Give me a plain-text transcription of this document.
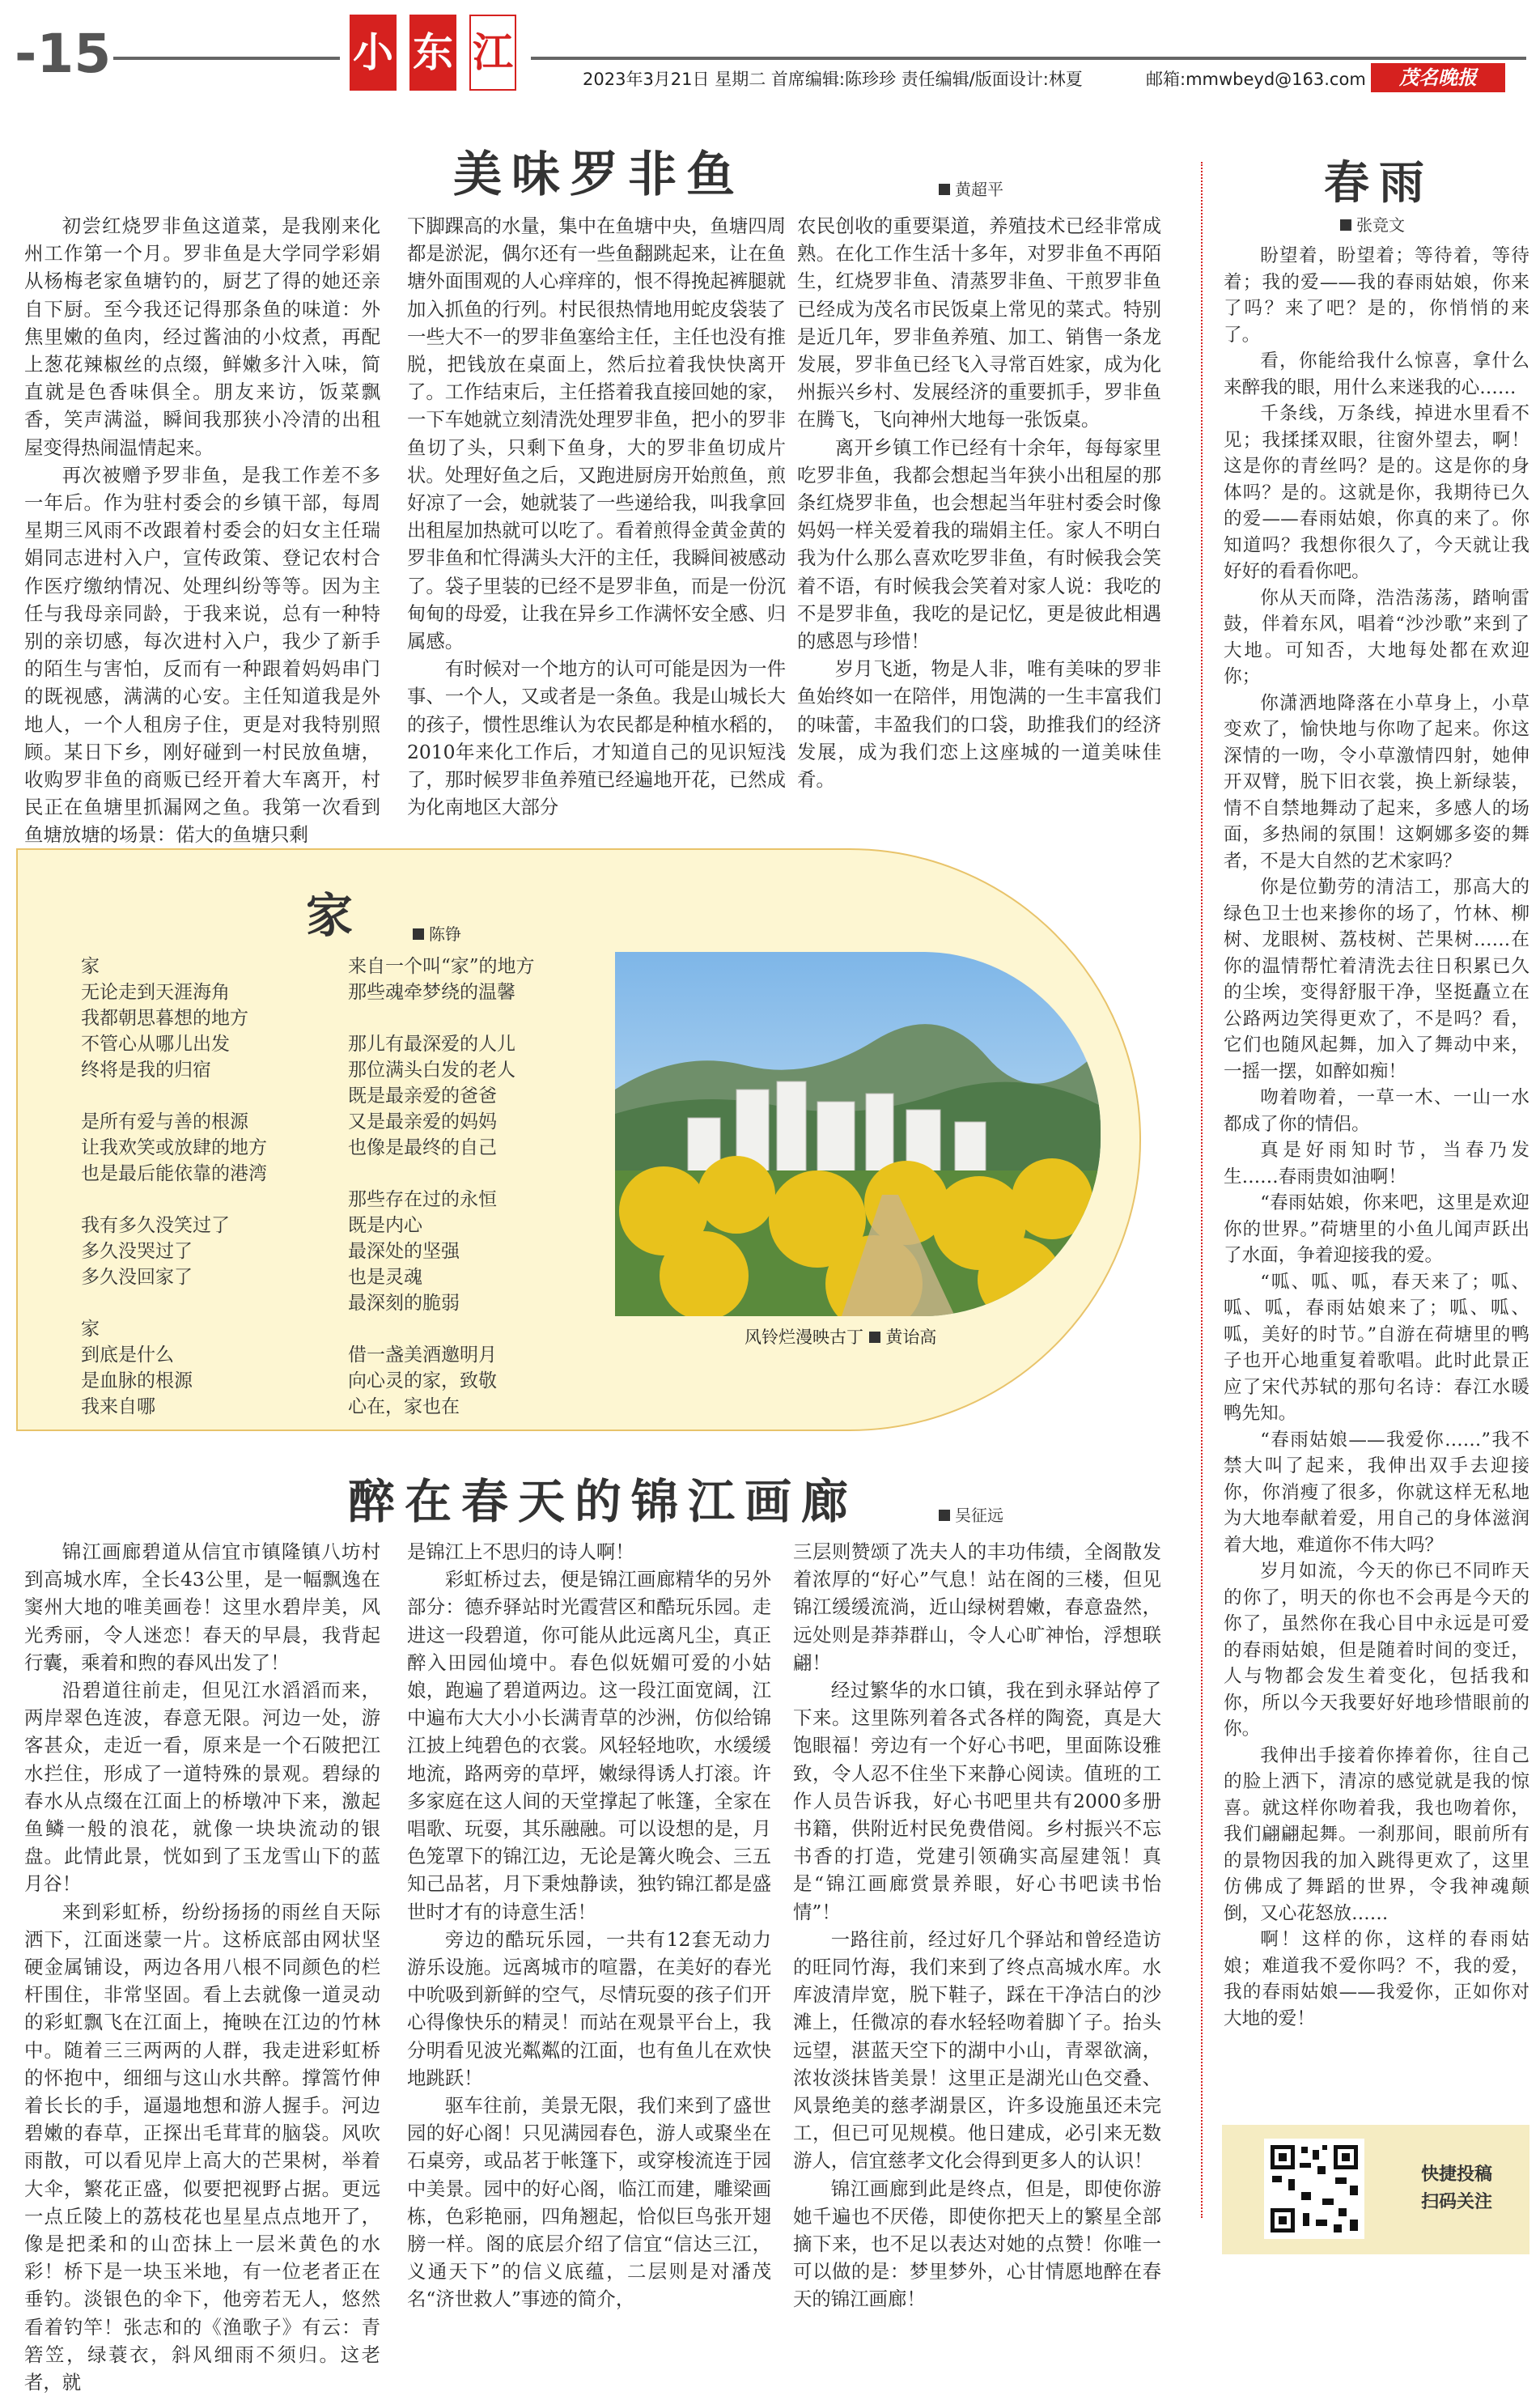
-15	小 东 江
2023年3月21日 星期二 首席编辑:陈珍珍 责任编辑/版面设计:林夏	邮箱:mmwbeyd@163.com	茂名晚报
美味罗非鱼	黄超平

初尝红烧罗非鱼这道菜，是我刚来化州工作第一个月。罗非鱼是大学同学彩娟从杨梅老家鱼塘钓的，厨艺了得的她还亲自下厨。至今我还记得那条鱼的味道：外焦里嫩的鱼肉，经过酱油的小炆煮，再配上葱花辣椒丝的点缀，鲜嫩多汁入味，简直就是色香味俱全。朋友来访，饭菜飘香，笑声满溢，瞬间我那狭小冷清的出租屋变得热闹温情起来。

再次被赠予罗非鱼，是我工作差不多一年后。作为驻村委会的乡镇干部，每周星期三风雨不改跟着村委会的妇女主任瑞娟同志进村入户，宣传政策、登记农村合作医疗缴纳情况、处理纠纷等等。因为主任与我母亲同龄，于我来说，总有一种特别的亲切感，每次进村入户，我少了新手的陌生与害怕，反而有一种跟着妈妈串门的既视感，满满的心安。主任知道我是外地人，一个人租房子住，更是对我特别照顾。某日下乡，刚好碰到一村民放鱼塘，收购罗非鱼的商贩已经开着大车离开，村民正在鱼塘里抓漏网之鱼。我第一次看到鱼塘放塘的场景：偌大的鱼塘只剩

下脚踝高的水量，集中在鱼塘中央，鱼塘四周都是淤泥，偶尔还有一些鱼翻跳起来，让在鱼塘外面围观的人心痒痒的，恨不得挽起裤腿就加入抓鱼的行列。村民很热情地用蛇皮袋装了一些大不一的罗非鱼塞给主任，主任也没有推脱，把钱放在桌面上，然后拉着我快快离开了。工作结束后，主任搭着我直接回她的家，一下车她就立刻清洗处理罗非鱼，把小的罗非鱼切了头，只剩下鱼身，大的罗非鱼切成片状。处理好鱼之后，又跑进厨房开始煎鱼，煎好凉了一会，她就装了一些递给我，叫我拿回出租屋加热就可以吃了。看着煎得金黄金黄的罗非鱼和忙得满头大汗的主任，我瞬间被感动了。袋子里装的已经不是罗非鱼，而是一份沉甸甸的母爱，让我在异乡工作满怀安全感、归属感。

有时候对一个地方的认可可能是因为一件事、一个人，又或者是一条鱼。我是山城长大的孩子，惯性思维认为农民都是种植水稻的，2010年来化工作后，才知道自己的见识短浅了，那时候罗非鱼养殖已经遍地开花，已然成为化南地区大部分

农民创收的重要渠道，养殖技术已经非常成熟。在化工作生活十多年，对罗非鱼不再陌生，红烧罗非鱼、清蒸罗非鱼、干煎罗非鱼已经成为茂名市民饭桌上常见的菜式。特别是近几年，罗非鱼养殖、加工、销售一条龙发展，罗非鱼已经飞入寻常百姓家，成为化州振兴乡村、发展经济的重要抓手，罗非鱼在腾飞，飞向神州大地每一张饭桌。

离开乡镇工作已经有十余年，每每家里吃罗非鱼，我都会想起当年狭小出租屋的那条红烧罗非鱼，也会想起当年驻村委会时像妈妈一样关爱着我的瑞娟主任。家人不明白我为什么那么喜欢吃罗非鱼，有时候我会笑着不语，有时候我会笑着对家人说：我吃的不是罗非鱼，我吃的是记忆，更是彼此相遇的感恩与珍惜！

岁月飞逝，物是人非，唯有美味的罗非鱼始终如一在陪伴，用饱满的一生丰富我们的味蕾，丰盈我们的口袋，助推我们的经济发展，成为我们恋上这座城的一道美味佳肴。

家	陈铮
家
无论走到天涯海角
我都朝思暮想的地方
不管心从哪儿出发
终将是我的归宿
是所有爱与善的根源
让我欢笑或放肆的地方
也是最后能依靠的港湾
我有多久没笑过了
多久没哭过了
多久没回家了
家
到底是什么
是血脉的根源
我来自哪
来自一个叫“家”的地方
那些魂牵梦绕的温馨
那儿有最深爱的人儿
那位满头白发的老人
既是最亲爱的爸爸
又是最亲爱的妈妈
也像是最终的自己
那些存在过的永恒
既是内心
最深处的坚强
也是灵魂
最深刻的脆弱
借一盏美酒邀明月
向心灵的家，致敬
心在，家也在
风铃烂漫映古丁 黄诒高
醉在春天的锦江画廊	吴征远

锦江画廊碧道从信宜市镇隆镇八坊村到高城水库，全长43公里，是一幅飘逸在窦州大地的唯美画卷！这里水碧岸美，风光秀丽，令人迷恋！春天的早晨，我背起行囊，乘着和煦的春风出发了！

沿碧道往前走，但见江水滔滔而来，两岸翠色连波，春意无限。河边一处，游客甚众，走近一看，原来是一个石陂把江水拦住，形成了一道特殊的景观。碧绿的春水从点缀在江面上的桥墩冲下来，激起鱼鳞一般的浪花，就像一块块流动的银盘。此情此景，恍如到了玉龙雪山下的蓝月谷！

来到彩虹桥，纷纷扬扬的雨丝自天际洒下，江面迷蒙一片。这桥底部由网状坚硬金属铺设，两边各用八根不同颜色的栏杆围住，非常坚固。看上去就像一道灵动的彩虹飘飞在江面上，掩映在江边的竹林中。随着三三两两的人群，我走进彩虹桥的怀抱中，细细与这山水共醉。撑篙竹伸着长长的手，逼遢地想和游人握手。河边碧嫩的春草，正探出毛茸茸的脑袋。风吹雨散，可以看见岸上高大的芒果树，举着大伞，繁花正盛，似要把视野占据。更远一点丘陵上的荔枝花也星星点点地开了，像是把柔和的山峦抹上一层米黄色的水彩！桥下是一块玉米地，有一位老者正在垂钓。淡银色的伞下，他旁若无人，悠然看着钓竿！张志和的《渔歌子》有云：青箬笠，绿蓑衣，斜风细雨不须归。这老者，就

是锦江上不思归的诗人啊！

彩虹桥过去，便是锦江画廊精华的另外部分：德乔驿站时光霞营区和酷玩乐园。走进这一段碧道，你可能从此远离凡尘，真正醉入田园仙境中。春色似妩媚可爱的小姑娘，跑遍了碧道两边。这一段江面宽阔，江中遍布大大小小长满青草的沙洲，仿似给锦江披上纯碧色的衣裳。风轻轻地吹，水缓缓地流，路两旁的草坪，嫩绿得诱人打滚。许多家庭在这人间的天堂撑起了帐篷，全家在唱歌、玩耍，其乐融融。可以设想的是，月色笼罩下的锦江边，无论是篝火晚会、三五知己品茗，月下秉烛静读，独钓锦江都是盛世时才有的诗意生活！

旁边的酷玩乐园，一共有12套无动力游乐设施。远离城市的喧嚣，在美好的春光中吮吸到新鲜的空气，尽情玩耍的孩子们开心得像快乐的精灵！而站在观景平台上，我分明看见波光粼粼的江面，也有鱼儿在欢快地跳跃！

驱车往前，美景无限，我们来到了盛世园的好心阁！只见满园春色，游人或聚坐在石桌旁，或品茗于帐篷下，或穿梭流连于园中美景。园中的好心阁，临江而建，雕梁画栋，色彩艳丽，四角翘起，恰似巨鸟张开翅膀一样。阁的底层介绍了信宜“信达三江，义通天下”的信义底蕴，二层则是对潘茂名“济世救人”事迹的简介，

三层则赞颂了冼夫人的丰功伟绩，全阁散发着浓厚的“好心”气息！站在阁的三楼，但见锦江缓缓流淌，近山绿树碧嫩，春意盎然，远处则是莽莽群山，令人心旷神怡，浮想联翩！

经过繁华的水口镇，我在到永驿站停了下来。这里陈列着各式各样的陶瓷，真是大饱眼福！旁边有一个好心书吧，里面陈设雅致，令人忍不住坐下来静心阅读。值班的工作人员告诉我，好心书吧里共有2000多册书籍，供附近村民免费借阅。乡村振兴不忘书香的打造，党建引领确实高屋建瓴！真是“锦江画廊赏景养眼，好心书吧读书怡情”！

一路往前，经过好几个驿站和曾经造访的旺同竹海，我们来到了终点高城水库。水库波清岸宽，脱下鞋子，踩在干净洁白的沙滩上，任微凉的春水轻轻吻着脚丫子。抬头远望，湛蓝天空下的湖中小山，青翠欲滴，浓妆淡抹皆美景！这里正是湖光山色交叠、风景绝美的慈孝湖景区，许多设施虽还未完工，但已可见规模。他日建成，必引来无数游人，信宜慈孝文化会得到更多人的认识！

锦江画廊到此是终点，但是，即使你游她千遍也不厌倦，即使你把天上的繁星全部摘下来，也不足以表达对她的点赞！你唯一可以做的是：梦里梦外，心甘情愿地醉在春天的锦江画廊！

春雨
张竞文

盼望着，盼望着；等待着，等待着；我的爱——我的春雨姑娘，你来了吗？来了吧？是的，你悄悄的来了。

看，你能给我什么惊喜，拿什么来醉我的眼，用什么来迷我的心……

千条线，万条线，掉进水里看不见；我揉揉双眼，往窗外望去，啊！这是你的青丝吗？是的。这是你的身体吗？是的。这就是你，我期待已久的爱——春雨姑娘，你真的来了。你知道吗？我想你很久了，今天就让我好好的看看你吧。

你从天而降，浩浩荡荡，踏响雷鼓，伴着东风，唱着“沙沙歌”来到了大地。可知否，大地每处都在欢迎你；

你潇洒地降落在小草身上，小草变欢了，愉快地与你吻了起来。你这深情的一吻，令小草激情四射，她伸开双臂，脱下旧衣裳，换上新绿装，情不自禁地舞动了起来，多感人的场面，多热闹的氛围！这婀娜多姿的舞者，不是大自然的艺术家吗？

你是位勤劳的清洁工，那高大的绿色卫士也来掺你的场了，竹林、柳树、龙眼树、荔枝树、芒果树……在你的温情帮忙着清洗去往日积累已久的尘埃，变得舒服干净，坚挺矗立在公路两边笑得更欢了，不是吗？看，它们也随风起舞，加入了舞动中来，一摇一摆，如醉如痴！

吻着吻着，一草一木、一山一水都成了你的情侣。

真是好雨知时节，当春乃发生……春雨贵如油啊！

“春雨姑娘，你来吧，这里是欢迎你的世界。”荷塘里的小鱼儿闻声跃出了水面，争着迎接我的爱。

“呱、呱、呱，春天来了；呱、呱、呱，春雨姑娘来了；呱、呱、呱，美好的时节。”自游在荷塘里的鸭子也开心地重复着歌唱。此时此景正应了宋代苏轼的那句名诗：春江水暖鸭先知。

“春雨姑娘——我爱你……”我不禁大叫了起来，我伸出双手去迎接你，你消瘦了很多，你就这样无私地为大地奉献着爱，用自己的身体滋润着大地，难道你不伟大吗？

岁月如流，今天的你已不同昨天的你了，明天的你也不会再是今天的你了，虽然你在我心目中永远是可爱的春雨姑娘，但是随着时间的变迁，人与物都会发生着变化，包括我和你，所以今天我要好好地珍惜眼前的你。

我伸出手接着你捧着你，往自己的脸上洒下，清凉的感觉就是我的惊喜。就这样你吻着我，我也吻着你，我们翩翩起舞。一刹那间，眼前所有的景物因我的加入跳得更欢了，这里仿佛成了舞蹈的世界，令我神魂颠倒，又心花怒放……

啊！这样的你，这样的春雨姑娘；难道我不爱你吗？不，我的爱，我的春雨姑娘——我爱你，正如你对大地的爱！

快捷投稿
扫码关注
